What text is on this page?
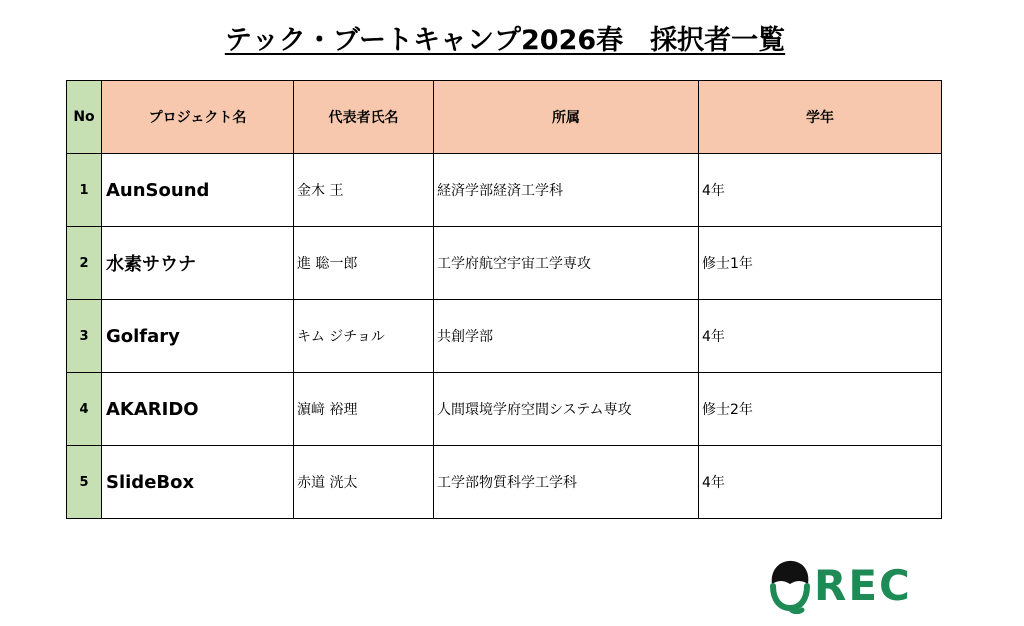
テック・ブートキャンプ2026春　採択者一覧
No	プロジェクト名	代表者氏名	所属	学年
1	AunSound	金木 王	経済学部経済工学科	4年
2	水素サウナ	進 聡一郎	工学府航空宇宙工学専攻	修士1年
3	Golfary	キム ジチョル	共創学部	4年
4	AKARIDO	濵﨑 裕理	人間環境学府空間システム専攻	修士2年
5	SlideBox	赤道 洸太	工学部物質科学工学科	4年
REC
